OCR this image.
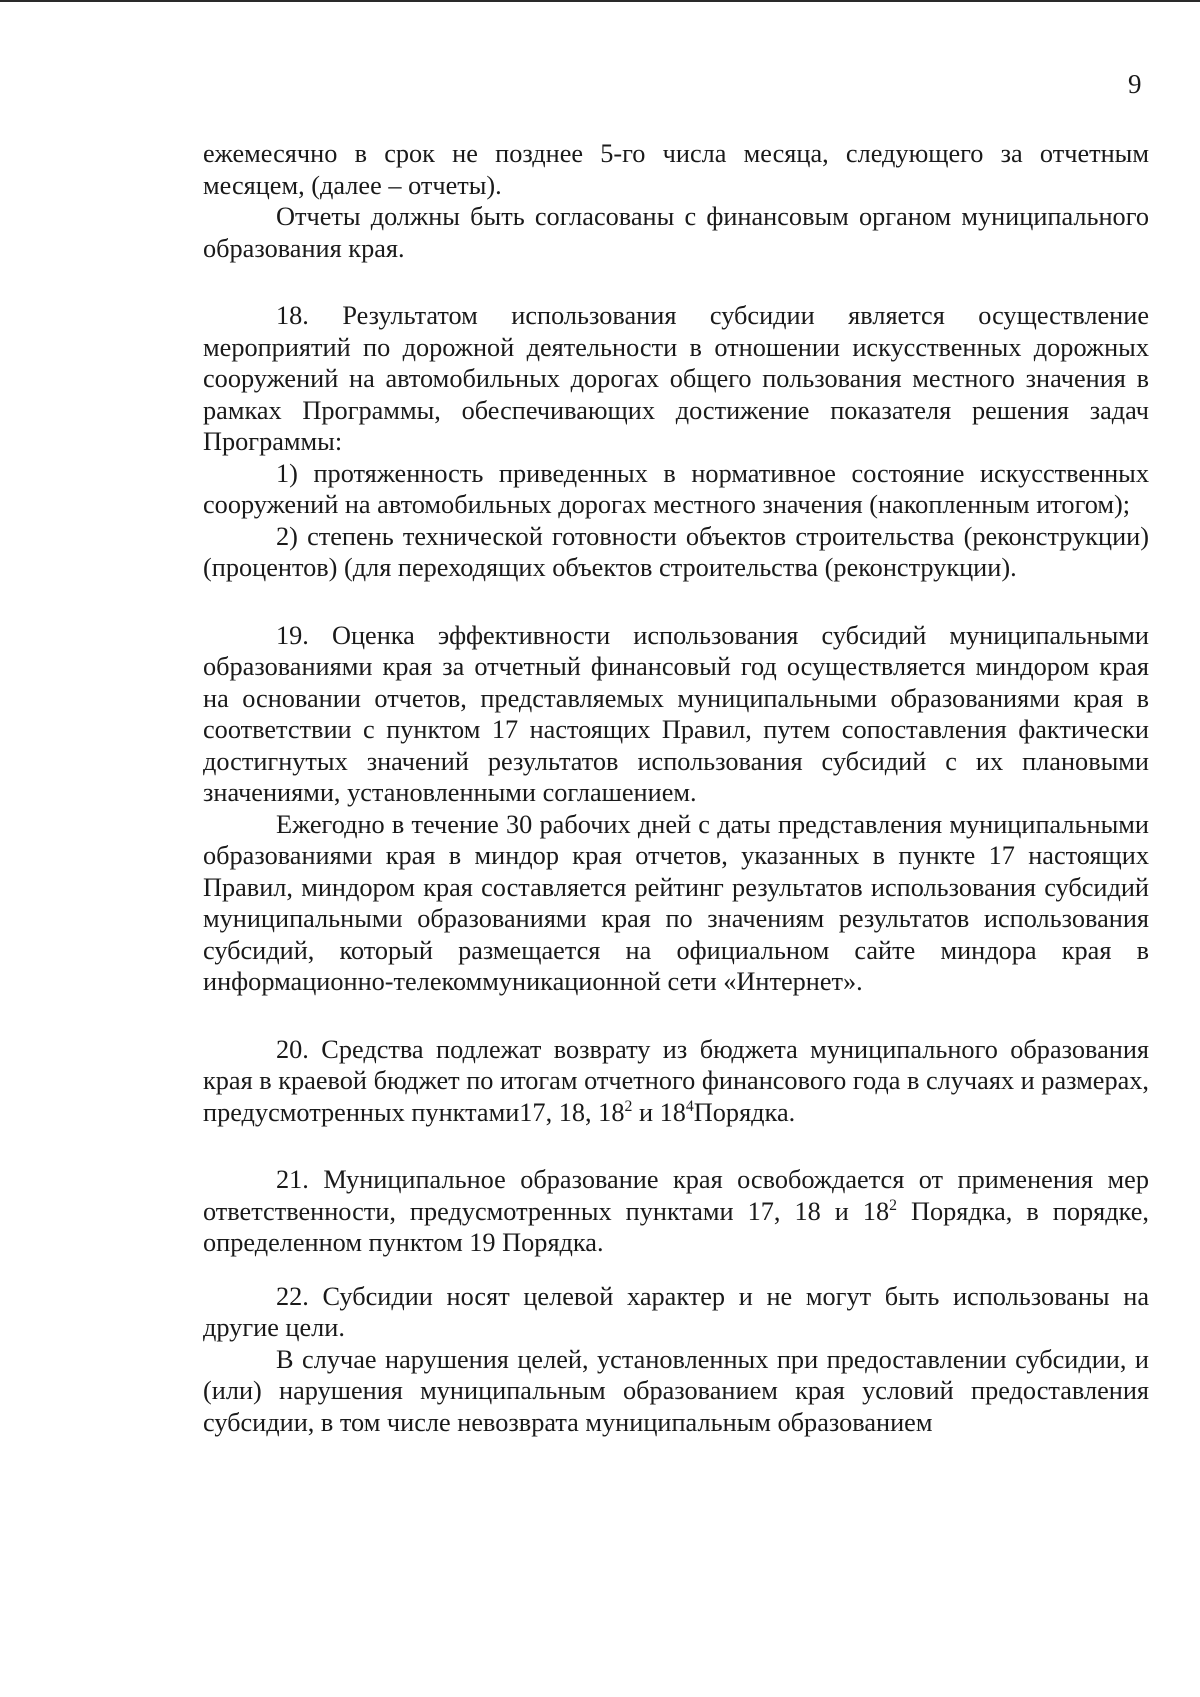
9

ежемесячно в срок не позднее 5-го числа месяца, следующего за отчетным месяцем, (далее – отчеты).

Отчеты должны быть согласованы с финансовым органом муниципального образования края.

18. Результатом использования субсидии является осуществление мероприятий по дорожной деятельности в отношении искусственных дорожных сооружений на автомобильных дорогах общего пользования местного значения в рамках Программы, обеспечивающих достижение показателя решения задач Программы:

1) протяженность приведенных в нормативное состояние искусственных сооружений на автомобильных дорогах местного значения (накопленным итогом);

2) степень технической готовности объектов строительства (реконструкции) (процентов) (для переходящих объектов строительства (реконструкции).

19. Оценка эффективности использования субсидий муниципальными образованиями края за отчетный финансовый год осуществляется миндором края на основании отчетов, представляемых муниципальными образованиями края в соответствии с пунктом 17 настоящих Правил, путем сопоставления фактически достигнутых значений результатов использования субсидий с их плановыми значениями, установленными соглашением.

Ежегодно в течение 30 рабочих дней с даты представления муниципальными образованиями края в миндор края отчетов, указанных в пункте 17 настоящих Правил, миндором края составляется рейтинг результатов использования субсидий муниципальными образованиями края по значениям результатов использования субсидий, который размещается на официальном сайте миндора края в информационно-телекоммуникационной сети «Интернет».

20. Средства подлежат возврату из бюджета муниципального образования края в краевой бюджет по итогам отчетного финансового года в случаях и размерах, предусмотренных пунктами17, 18, $18^2$ и $18^4Порядка$.

21. Муниципальное образование края освобождается от применения мер ответственности, предусмотренных пунктами 17, 18 и $18^2$ Порядка, в порядке, определенном пунктом 19 Порядка.

22. Субсидии носят целевой характер и не могут быть использованы на другие цели.

В случае нарушения целей, установленных при предоставлении субсидии, и (или) нарушения муниципальным образованием края условий предоставления субсидии, в том числе невозврата муниципальным образованием
